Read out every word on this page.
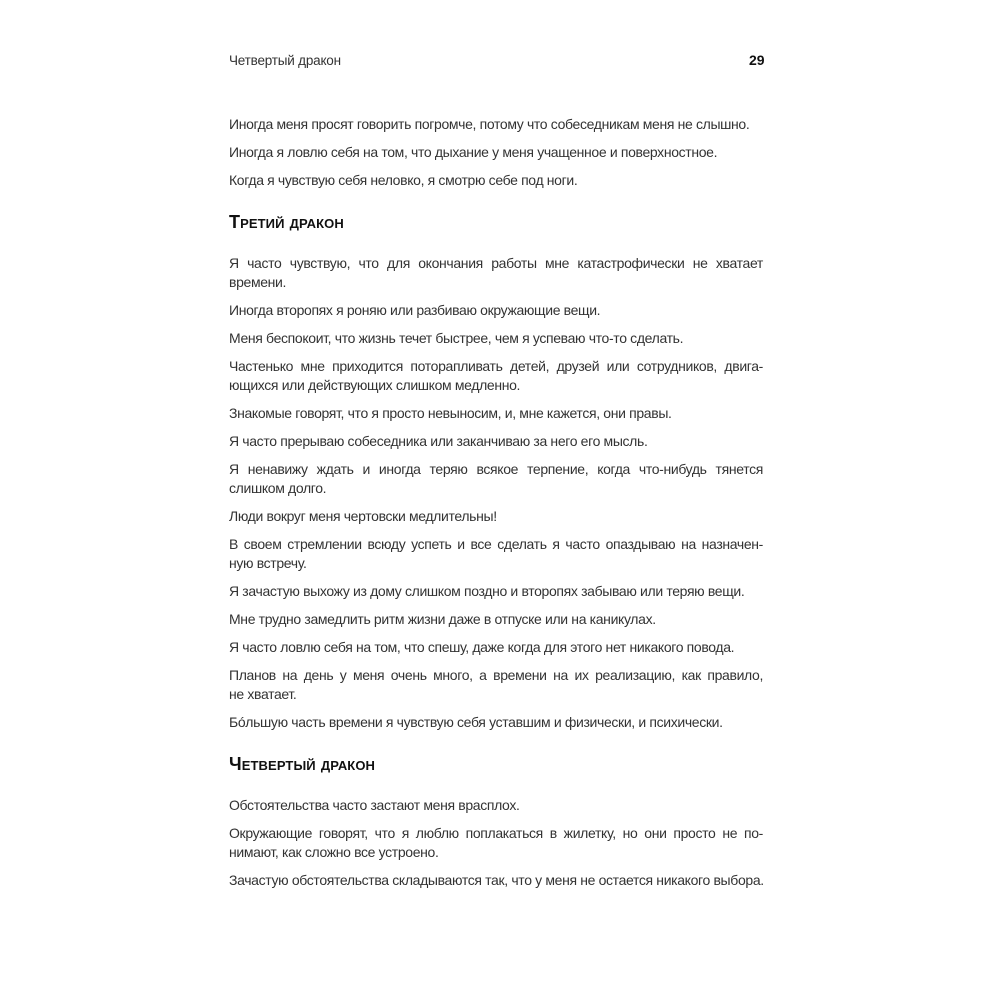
Четвертый дракон	29
Иногда меня просят говорить погромче, потому что собеседникам меня не слышно.
Иногда я ловлю себя на том, что дыхание у меня учащенное и поверхностное.
Когда я чувствую себя неловко, я смотрю себе под ноги.
Третий дракон
Я часто чувствую, что для окончания работы мне катастрофически не хватает
времени.
Иногда второпях я роняю или разбиваю окружающие вещи.
Меня беспокоит, что жизнь течет быстрее, чем я успеваю что-то сделать.
Частенько мне приходится поторапливать детей, друзей или сотрудников, двига-
ющихся или действующих слишком медленно.
Знакомые говорят, что я просто невыносим, и, мне кажется, они правы.
Я часто прерываю собеседника или заканчиваю за него его мысль.
Я ненавижу ждать и иногда теряю всякое терпение, когда что-нибудь тянется
слишком долго.
Люди вокруг меня чертовски медлительны!
В своем стремлении всюду успеть и все сделать я часто опаздываю на назначен-
ную встречу.
Я зачастую выхожу из дому слишком поздно и второпях забываю или теряю вещи.
Мне трудно замедлить ритм жизни даже в отпуске или на каникулах.
Я часто ловлю себя на том, что спешу, даже когда для этого нет никакого повода.
Планов на день у меня очень много, а времени на их реализацию, как правило,
не хватает.
Бóльшую часть времени я чувствую себя уставшим и физически, и психически.
Четвертый дракон
Обстоятельства часто застают меня врасплох.
Окружающие говорят, что я люблю поплакаться в жилетку, но они просто не по-
нимают, как сложно все устроено.
Зачастую обстоятельства складываются так, что у меня не остается никакого выбора.
